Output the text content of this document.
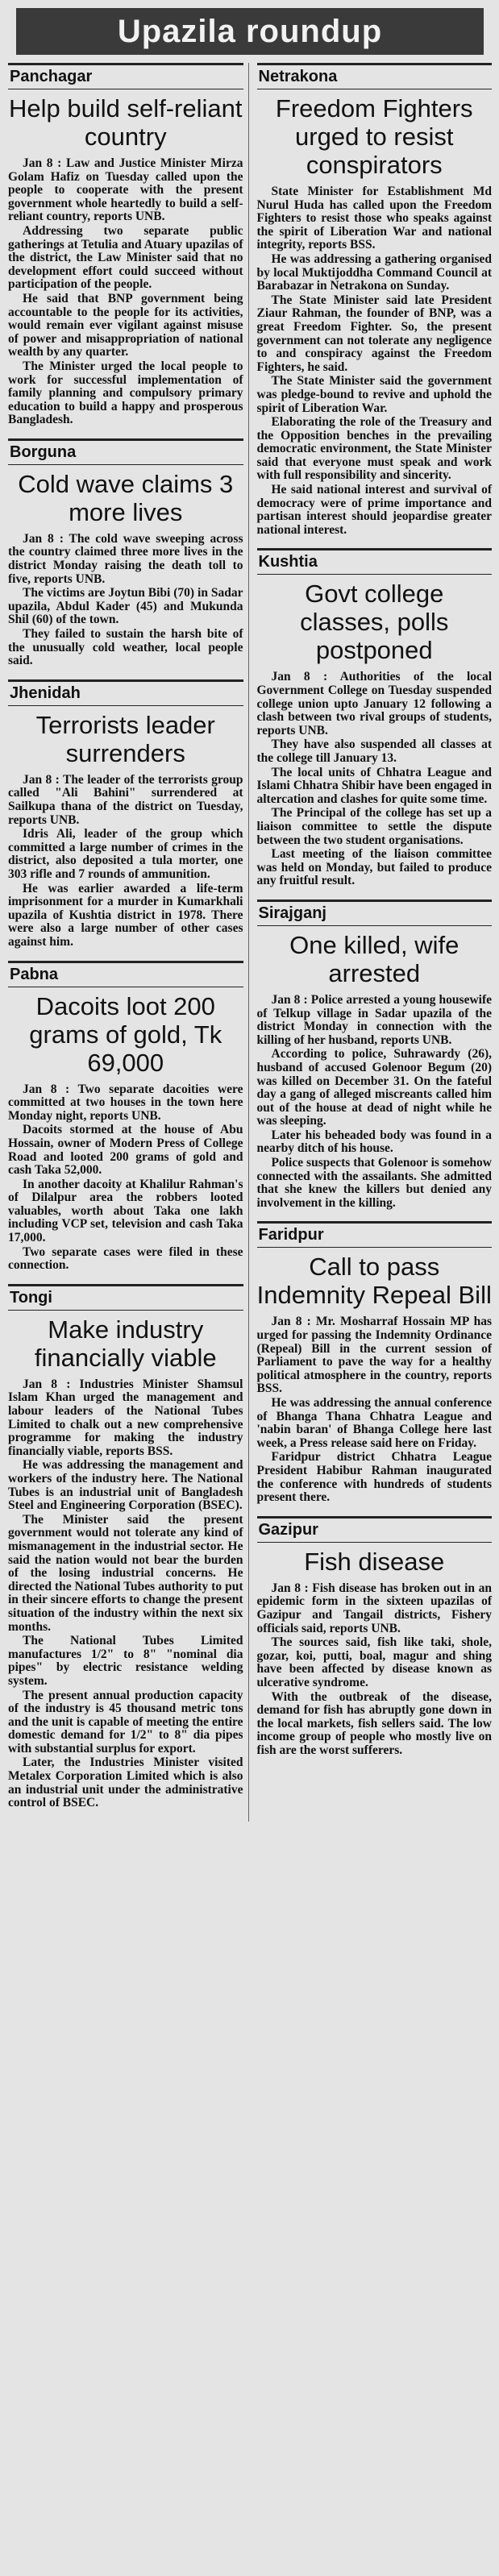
Upazila roundup
Panchagar
Help build self-reliant country

Jan 8 : Law and Justice Minister Mirza Golam Hafiz on Tuesday called upon the people to cooperate with the present government whole heartedly to build a self-reliant country, reports UNB.

Addressing two separate public gatherings at Tetulia and Atuary upazilas of the district, the Law Minister said that no development effort could succeed without participation of the people.

He said that BNP government being accountable to the people for its activities, would remain ever vigilant against misuse of power and misappropriation of national wealth by any quarter.

The Minister urged the local people to work for successful implementation of family planning and compulsory primary education to build a happy and prosperous Bangladesh.

Borguna
Cold wave claims 3 more lives

Jan 8 : The cold wave sweeping across the country claimed three more lives in the district Monday raising the death toll to five, reports UNB.

The victims are Joytun Bibi (70) in Sadar upazila, Abdul Kader (45) and Mukunda Shil (60) of the town.

They failed to sustain the harsh bite of the unusually cold weather, local people said.

Jhenidah
Terrorists leader surrenders

Jan 8 : The leader of the terrorists group called "Ali Bahini" surrendered at Sailkupa thana of the district on Tuesday, reports UNB.

Idris Ali, leader of the group which committed a large number of crimes in the district, also deposited a tula morter, one 303 rifle and 7 rounds of ammunition.

He was earlier awarded a life-term imprisonment for a murder in Kumarkhali upazila of Kushtia district in 1978. There were also a large number of other cases against him.

Pabna
Dacoits loot 200 grams of gold, Tk 69,000

Jan 8 : Two separate dacoities were committed at two houses in the town here Monday night, reports UNB.

Dacoits stormed at the house of Abu Hossain, owner of Modern Press of College Road and looted 200 grams of gold and cash Taka 52,000.

In another dacoity at Khalilur Rahman's of Dilalpur area the robbers looted valuables, worth about Taka one lakh including VCP set, television and cash Taka 17,000.

Two separate cases were filed in these connection.

Tongi
Make industry financially viable

Jan 8 : Industries Minister Shamsul Islam Khan urged the management and labour leaders of the National Tubes Limited to chalk out a new comprehensive programme for making the industry financially viable, reports BSS.

He was addressing the management and workers of the industry here. The National Tubes is an industrial unit of Bangladesh Steel and Engineering Corporation (BSEC).

The Minister said the present government would not tolerate any kind of mismanagement in the industrial sector. He said the nation would not bear the burden of the losing industrial concerns. He directed the National Tubes authority to put in their sincere efforts to change the present situation of the industry within the next six months.

The National Tubes Limited manufactures 1/2" to 8" "nominal dia pipes" by electric resistance welding system.

The present annual production capacity of the industry is 45 thousand metric tons and the unit is capable of meeting the entire domestic demand for 1/2" to 8" dia pipes with substantial surplus for export.

Later, the Industries Minister visited Metalex Corporation Limited which is also an industrial unit under the administrative control of BSEC.

Netrakona
Freedom Fighters urged to resist conspirators

State Minister for Establishment Md Nurul Huda has called upon the Freedom Fighters to resist those who speaks against the spirit of Liberation War and national integrity, reports BSS.

He was addressing a gathering organised by local Muktijoddha Command Council at Barabazar in Netrakona on Sunday.

The State Minister said late President Ziaur Rahman, the founder of BNP, was a great Freedom Fighter. So, the present government can not tolerate any negligence to and conspiracy against the Freedom Fighters, he said.

The State Minister said the government was pledge-bound to revive and uphold the spirit of Liberation War.

Elaborating the role of the Treasury and the Opposition benches in the prevailing democratic environment, the State Minister said that everyone must speak and work with full responsibility and sincerity.

He said national interest and survival of democracy were of prime importance and partisan interest should jeopardise greater national interest.

Kushtia
Govt college classes, polls postponed

Jan 8 : Authorities of the local Government College on Tuesday suspended college union upto January 12 following a clash between two rival groups of students, reports UNB.

They have also suspended all classes at the college till January 13.

The local units of Chhatra League and Islami Chhatra Shibir have been engaged in altercation and clashes for quite some time.

The Principal of the college has set up a liaison committee to settle the dispute between the two student organisations.

Last meeting of the liaison committee was held on Monday, but failed to produce any fruitful result.

Sirajganj
One killed, wife arrested

Jan 8 : Police arrested a young housewife of Telkup village in Sadar upazila of the district Monday in connection with the killing of her husband, reports UNB.

According to police, Suhrawardy (26), husband of accused Golenoor Begum (20) was killed on December 31. On the fateful day a gang of alleged miscreants called him out of the house at dead of night while he was sleeping.

Later his beheaded body was found in a nearby ditch of his house.

Police suspects that Golenoor is somehow connected with the assailants. She admitted that she knew the killers but denied any involvement in the killing.

Faridpur
Call to pass Indemnity Repeal Bill

Jan 8 : Mr. Mosharraf Hossain MP has urged for passing the Indemnity Ordinance (Repeal) Bill in the current session of Parliament to pave the way for a healthy political atmosphere in the country, reports BSS.

He was addressing the annual conference of Bhanga Thana Chhatra League and 'nabin baran' of Bhanga College here last week, a Press release said here on Friday.

Faridpur district Chhatra League President Habibur Rahman inaugurated the conference with hundreds of students present there.

Gazipur
Fish disease

Jan 8 : Fish disease has broken out in an epidemic form in the sixteen upazilas of Gazipur and Tangail districts, Fishery officials said, reports UNB.

The sources said, fish like taki, shole, gozar, koi, putti, boal, magur and shing have been affected by disease known as ulcerative syndrome.

With the outbreak of the disease, demand for fish has abruptly gone down in the local markets, fish sellers said. The low income group of people who mostly live on fish are the worst sufferers.
